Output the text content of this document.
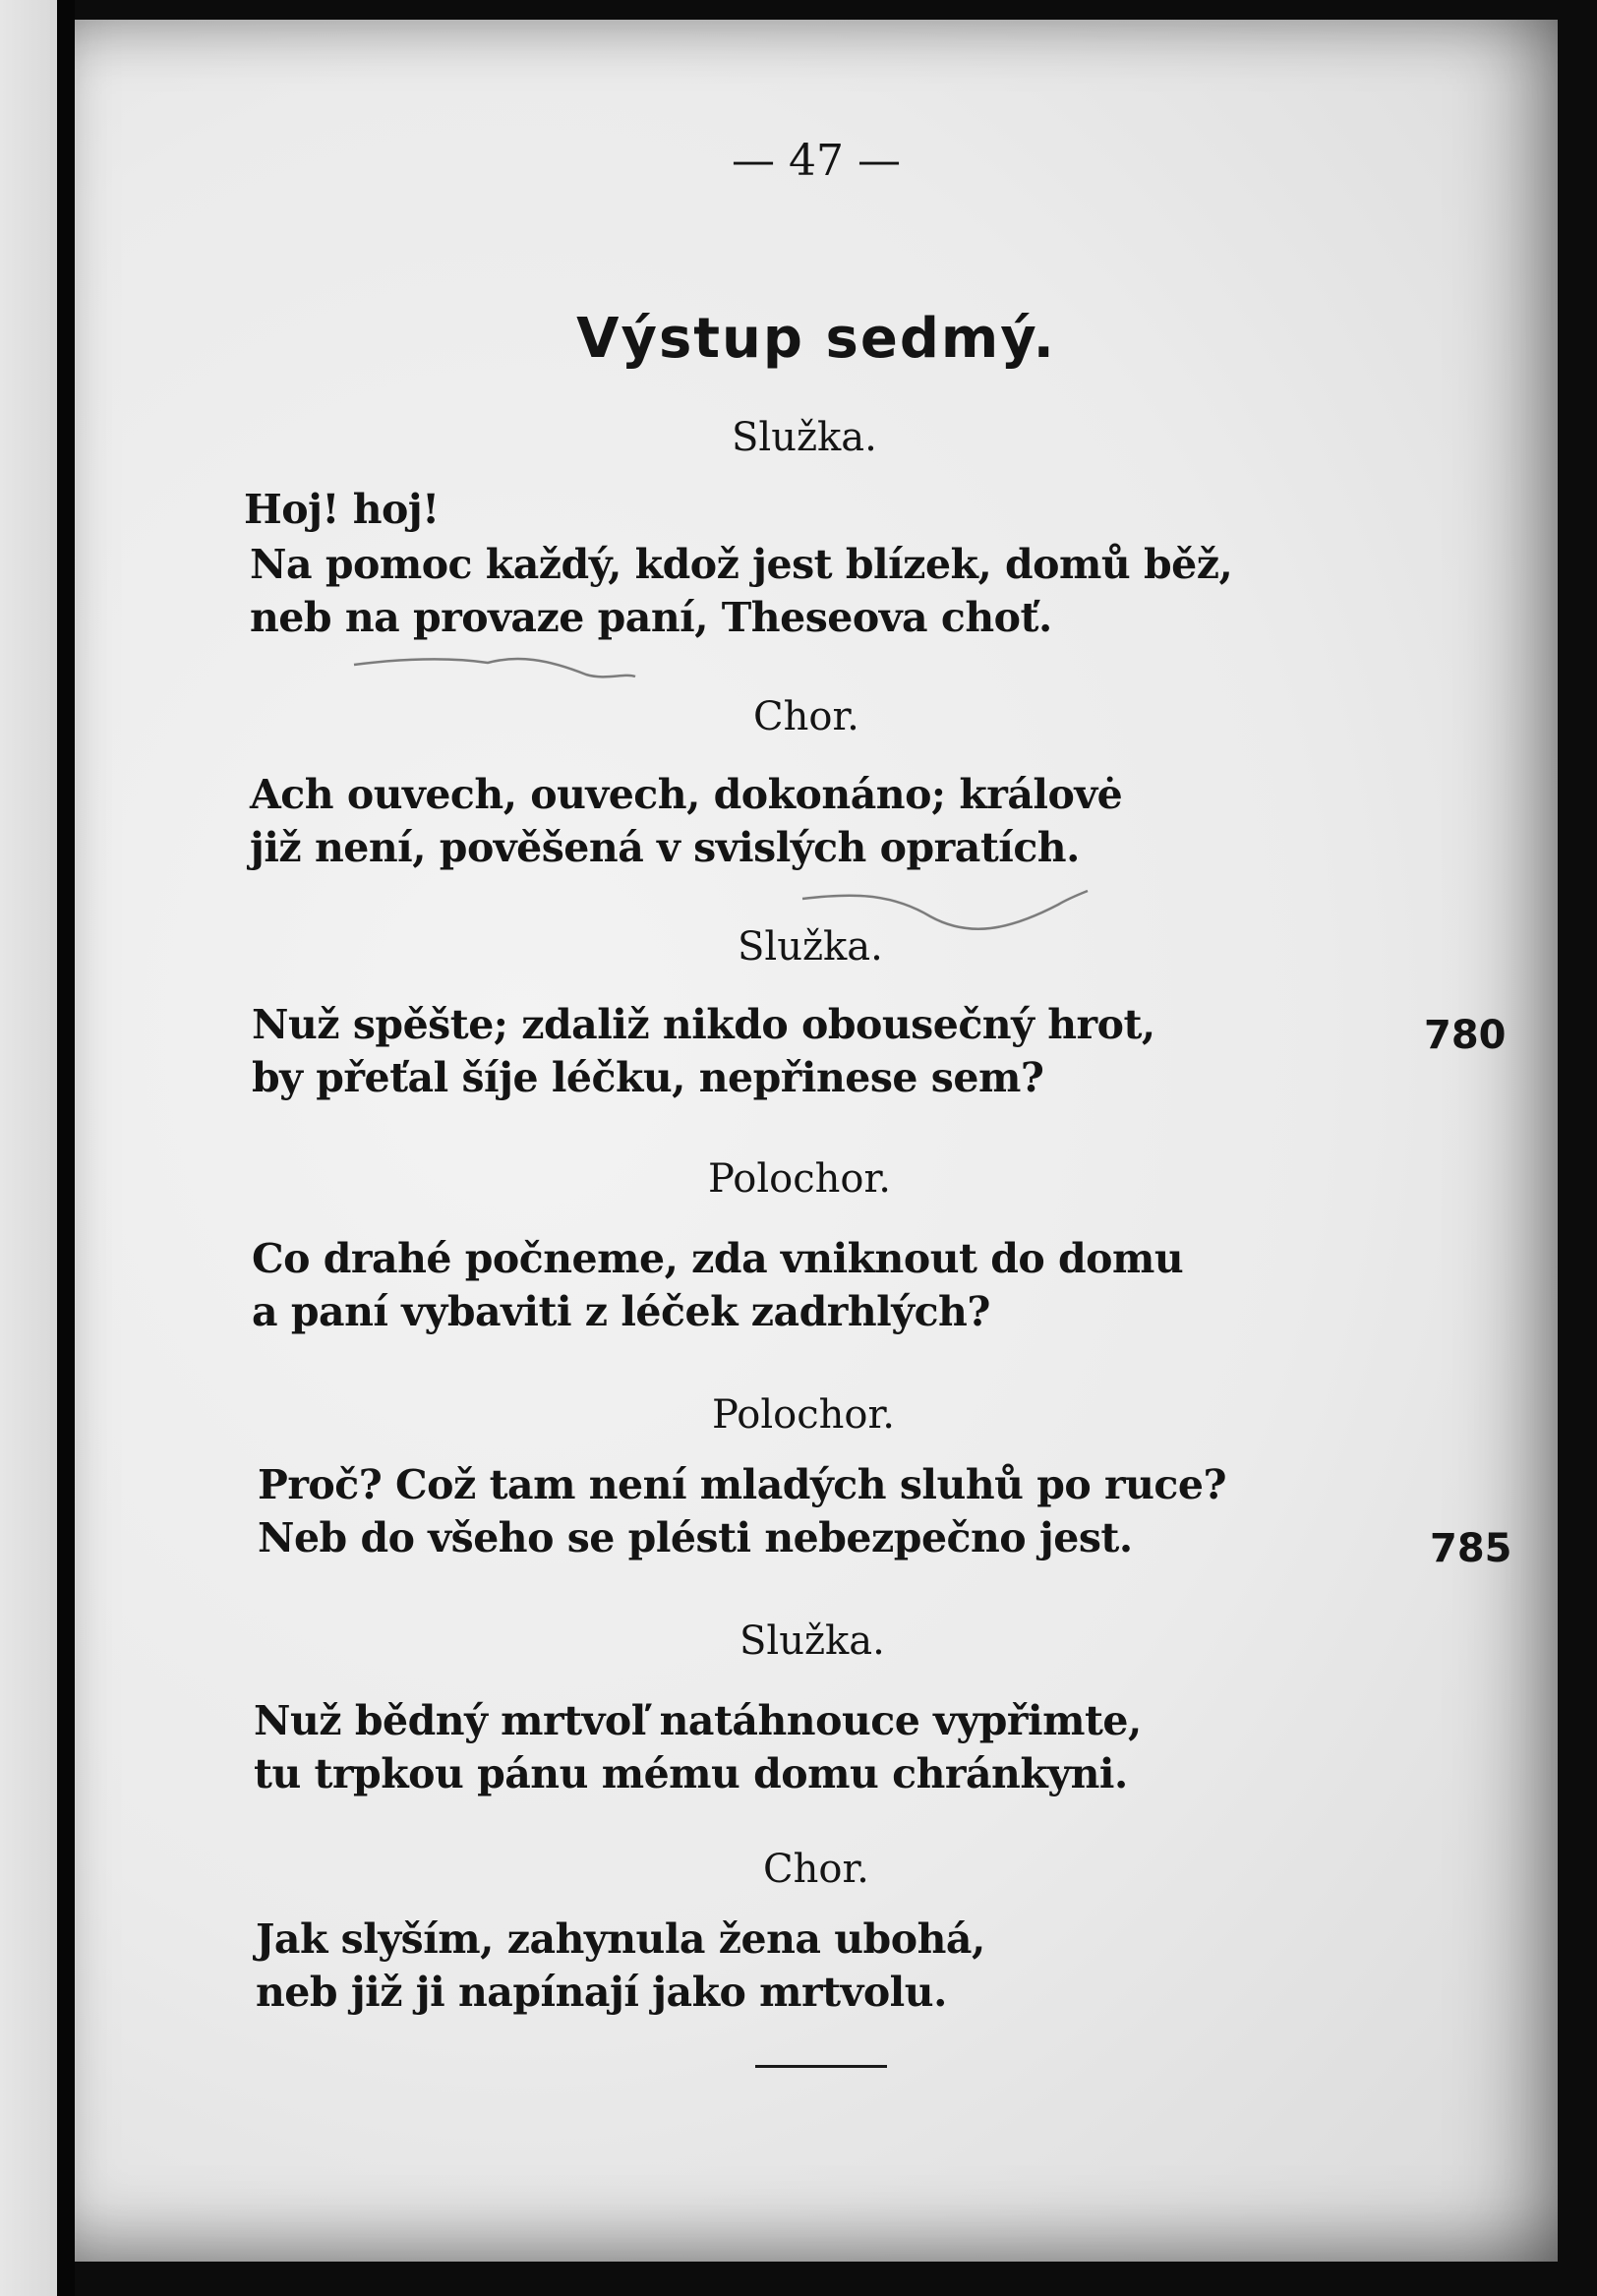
— 47 —

Výstup sedmý.

Služka.

Hoj! hoj!

Na pomoc každý, kdož jest blízek, domů běž,

neb na provaze paní, Theseova choť.

Chor.

Ach ouvech, ouvech, dokonáno; královė

již není, pověšená v svislých opratích.

Služka.

Nuž spěšte; zdaliž nikdo obousečný hrot,	780

by přeťal šíje léčku, nepřinese sem?

Polochor.

Co drahé počneme, zda vniknout do domu

a paní vybaviti z léček zadrhlých?

Polochor.

Proč? Což tam není mladých sluhů po ruce?

Neb do všeho se plésti nebezpečno jest.	785

Služka.

Nuž bědný mrtvoľ natáhnouce vypřimte,

tu trpkou pánu mému domu chránkyni.

Chor.

Jak slyším, zahynula žena ubohá,

neb již ji napínají jako mrtvolu.
